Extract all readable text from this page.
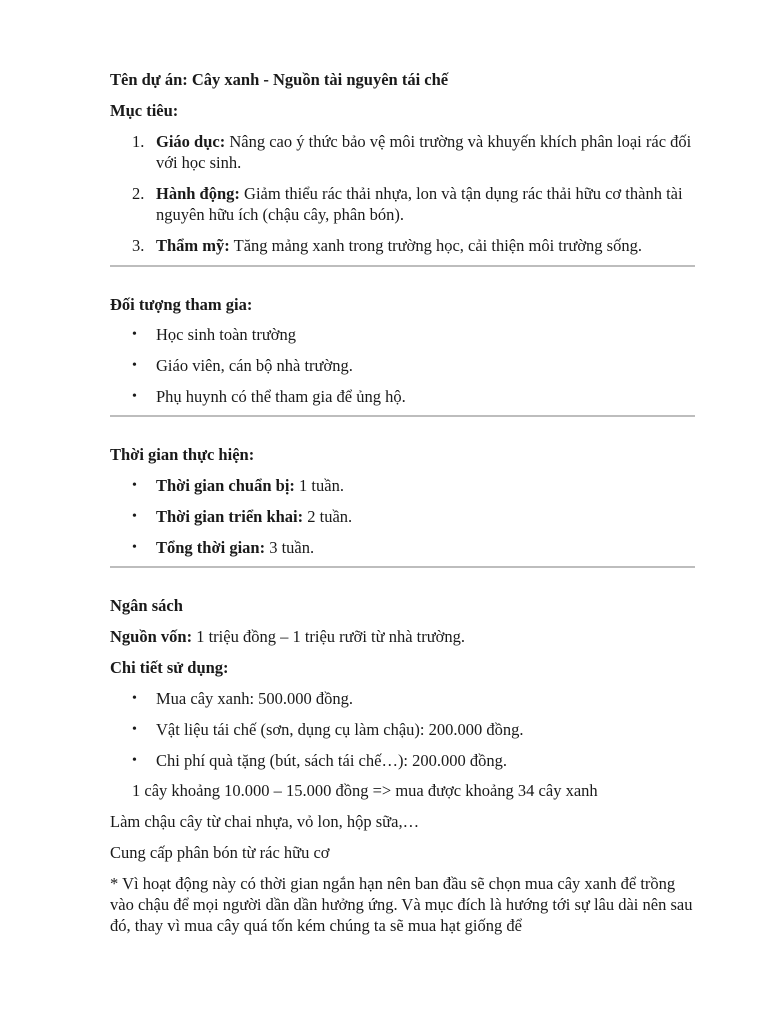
Tên dự án: Cây xanh - Nguồn tài nguyên tái chế

Mục tiêu:

1. Giáo dục: Nâng cao ý thức bảo vệ môi trường và khuyến khích phân loại rác đối với học sinh.
2. Hành động: Giảm thiểu rác thải nhựa, lon và tận dụng rác thải hữu cơ thành tài nguyên hữu ích (chậu cây, phân bón).
3. Thẩm mỹ: Tăng mảng xanh trong trường học, cải thiện môi trường sống.

Đối tượng tham gia:

• Học sinh toàn trường
• Giáo viên, cán bộ nhà trường.
• Phụ huynh có thể tham gia để ủng hộ.

Thời gian thực hiện:

• Thời gian chuẩn bị: 1 tuần.
• Thời gian triển khai: 2 tuần.
• Tổng thời gian: 3 tuần.

Ngân sách

Nguồn vốn: 1 triệu đồng – 1 triệu rưỡi từ nhà trường.

Chi tiết sử dụng:

• Mua cây xanh: 500.000 đồng.
• Vật liệu tái chế (sơn, dụng cụ làm chậu): 200.000 đồng.
• Chi phí quà tặng (bút, sách tái chế…): 200.000 đồng.

1 cây khoảng 10.000 – 15.000 đồng => mua được khoảng 34 cây xanh

Làm chậu cây từ chai nhựa, vỏ lon, hộp sữa,…

Cung cấp phân bón từ rác hữu cơ

* Vì hoạt động này có thời gian ngắn hạn nên ban đầu sẽ chọn mua cây xanh để trồng vào chậu để mọi người dần dần hưởng ứng. Và mục đích là hướng tới sự lâu dài nên sau đó, thay vì mua cây quá tốn kém chúng ta sẽ mua hạt giống để
